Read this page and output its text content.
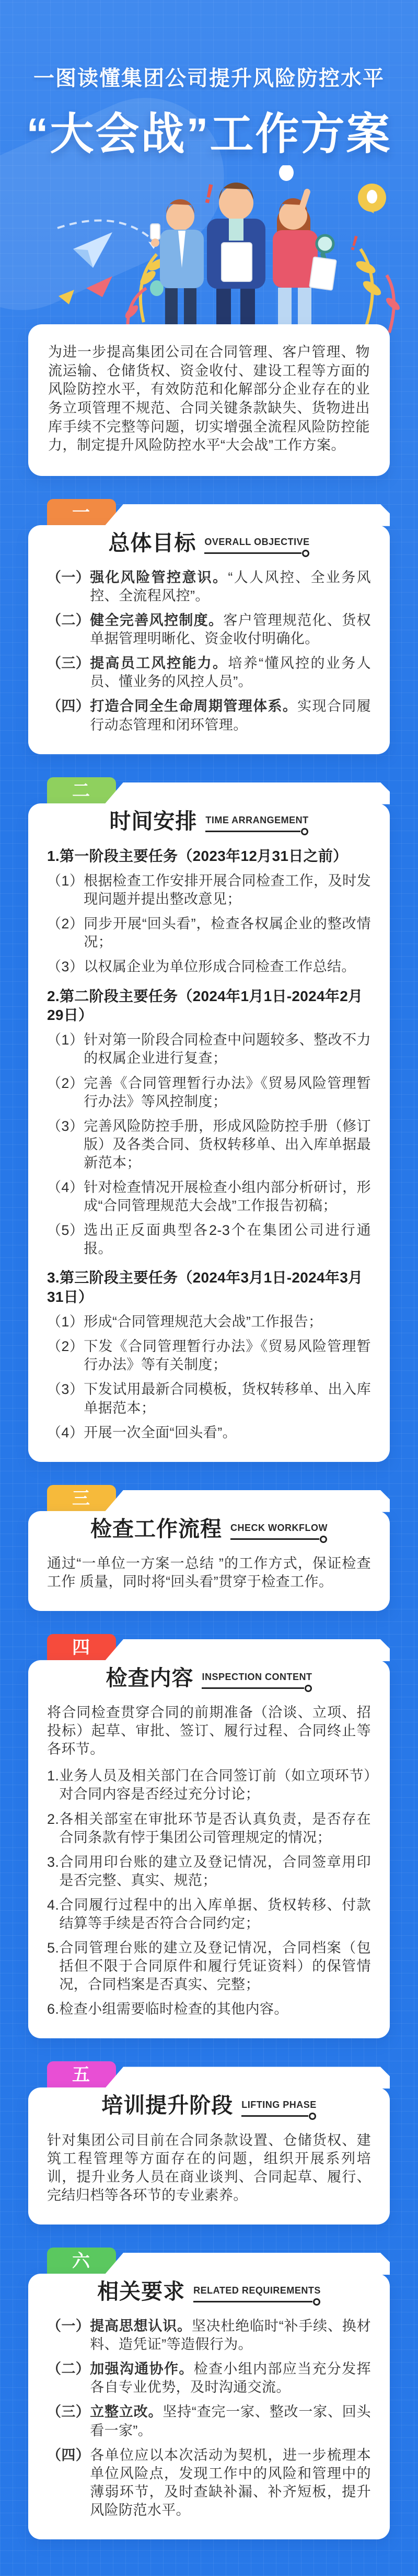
一图读懂集团公司提升风险防控水平
“大会战”工作方案
!
!

为进一步提高集团公司在合同管理、客户管理、物流运输、仓储货权、资金收付、建设工程等方面的风险防控水平，有效防范和化解部分企业存在的业务立项管理不规范、合同关键条款缺失、货物进出库手续不完整等问题，切实增强全流程风险防控能力，制定提升风险防控水平“大会战”工作方案。

一
总体目标 OVERALL OBJECTIVE
（一） 强化风险管控意识。“人人风控、全业务风控、全流程风控”。

（二） 健全完善风控制度。客户管理规范化、货权单据管理明晰化、资金收付明确化。

（三） 提高员工风控能力。培养“懂风控的业务人员、懂业务的风控人员”。

（四） 打造合同全生命周期管理体系。实现合同履行动态管理和闭环管理。

二
时间安排 TIME ARRANGEMENT

1.第一阶段主要任务（2023年12月31日之前）

（1） 根据检查工作安排开展合同检查工作，及时发现问题并提出整改意见；

（2） 同步开展“回头看”，检查各权属企业的整改情况；

（3） 以权属企业为单位形成合同检查工作总结。

2.第二阶段主要任务（2024年1月1日-2024年2月29日）

（1） 针对第一阶段合同检查中问题较多、整改不力的权属企业进行复查；

（2） 完善《合同管理暂行办法》《贸易风险管理暂行办法》等风控制度；

（3） 完善风险防控手册，形成风险防控手册（修订版）及各类合同、货权转移单、出入库单据最新范本；

（4） 针对检查情况开展检查小组内部分析研讨，形成“合同管理规范大会战”工作报告初稿；

（5） 选出正反面典型各2-3个在集团公司进行通报。

3.第三阶段主要任务（2024年3月1日-2024年3月31日）

（1） 形成“合同管理规范大会战”工作报告；

（2） 下发《合同管理暂行办法》《贸易风险管理暂行办法》等有关制度；

（3） 下发试用最新合同模板，货权转移单、出入库单据范本；

（4） 开展一次全面“回头看”。

三
检查工作流程 CHECK WORKFLOW

通过“一单位一方案一总结 ”的工作方式，保证检查工作 质量，同时将“回头看”贯穿于检查工作。

四
检查内容 INSPECTION CONTENT

将合同检查贯穿合同的前期准备（洽谈、立项、招投标）起草、审批、签订、履行过程、合同终止等各环节。

1. 业务人员及相关部门在合同签订前（如立项环节）对合同内容是否经过充分讨论；

2. 各相关部室在审批环节是否认真负责，是否存在合同条款有悖于集团公司管理规定的情况；

3. 合同用印台账的建立及登记情况，合同签章用印是否完整、真实、规范；

4. 合同履行过程中的出入库单据、货权转移、付款结算等手续是否符合合同约定；

5. 合同管理台账的建立及登记情况，合同档案（包括但不限于合同原件和履行凭证资料）的保管情况，合同档案是否真实、完整；

6. 检查小组需要临时检查的其他内容。

五
培训提升阶段 LIFTING PHASE

针对集团公司目前在合同条款设置、仓储货权、建筑工程管理等方面存在的问题，组织开展系列培训，提升业务人员在商业谈判、合同起草、履行、完结归档等各环节的专业素养。

六
相关要求 RELATED REQUIREMENTS
（一） 提高思想认识。坚决杜绝临时“补手续、换材料、造凭证”等造假行为。

（二） 加强沟通协作。检查小组内部应当充分发挥各自专业优势，及时沟通交流。

（三） 立整立改。坚持“查完一家、整改一家、回头看一家”。

（四） 各单位应以本次活动为契机，进一步梳理本单位风险点，发现工作中的风险和管理中的薄弱环节，及时查缺补漏、补齐短板，提升风险防范水平。
